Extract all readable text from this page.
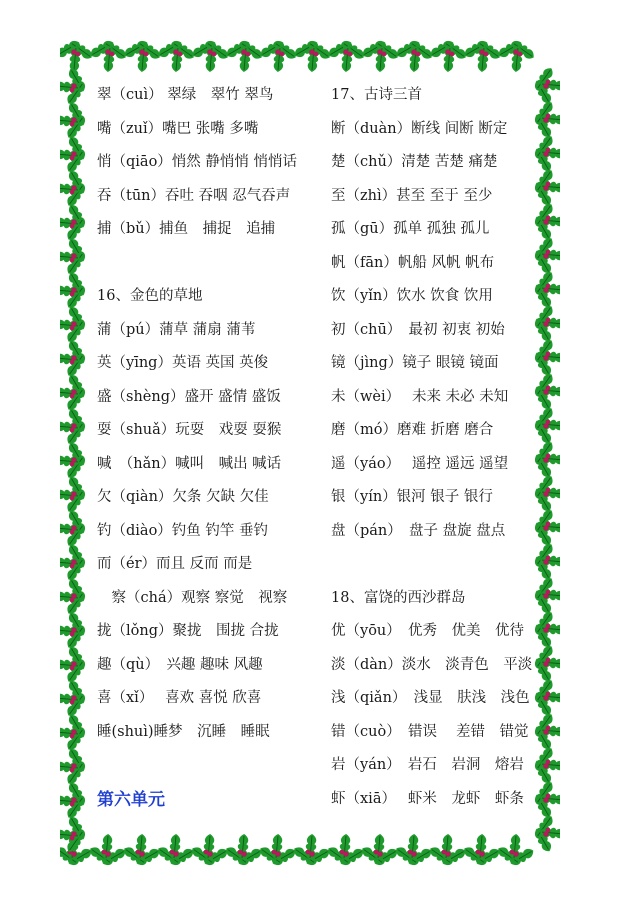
翠（cuì） 翠绿　翠竹 翠鸟
嘴（zuǐ）嘴巴 张嘴 多嘴
悄（qiāo）悄然 静悄悄 悄悄话
吞（tūn）吞吐 吞咽 忍气吞声
捕（bǔ）捕鱼　捕捉　追捕
16、金色的草地
蒲（pú）蒲草 蒲扇 蒲苇
英（yīng）英语 英国 英俊
盛（shèng）盛开 盛情 盛饭
耍（shuǎ）玩耍　戏耍 耍猴
喊　（hǎn）喊叫　喊出 喊话
欠（qiàn）欠条 欠缺 欠佳
钓（diào）钓鱼 钓竿 垂钓
而（ér）而且 反而 而是
　察（chá）观察 察觉　视察
拢（lǒng）聚拢　围拢 合拢
趣（qù）　兴趣 趣味 风趣
喜（xǐ）　 喜欢 喜悦 欣喜
睡(shuì)睡梦　沉睡　睡眠
17、古诗三首
断（duàn）断线 间断 断定
楚（chǔ）清楚 苦楚 痛楚
至（zhì）甚至 至于 至少
孤（gū）孤单 孤独 孤儿
帆（fān）帆船 风帆 帆布
饮（yǐn）饮水 饮食 饮用
初（chū）　最初 初衷 初始
镜（jìng）镜子 眼镜 镜面
未（wèi）　 未来 未必 未知
磨（mó）磨难 折磨 磨合
遥（yáo）　 遥控 遥远 遥望
银（yín）银河 银子 银行
盘（pán）　盘子 盘旋 盘点
18、富饶的西沙群岛
优（yōu）　优秀　优美　优待
淡（dàn）淡水　淡青色　平淡
浅（qiǎn）　浅显　肤浅　浅色
错（cuò）　错误　 差错　错觉
岩（yán）　岩石　岩洞　熔岩
虾（xiā）　 虾米　龙虾　虾条
第六单元
